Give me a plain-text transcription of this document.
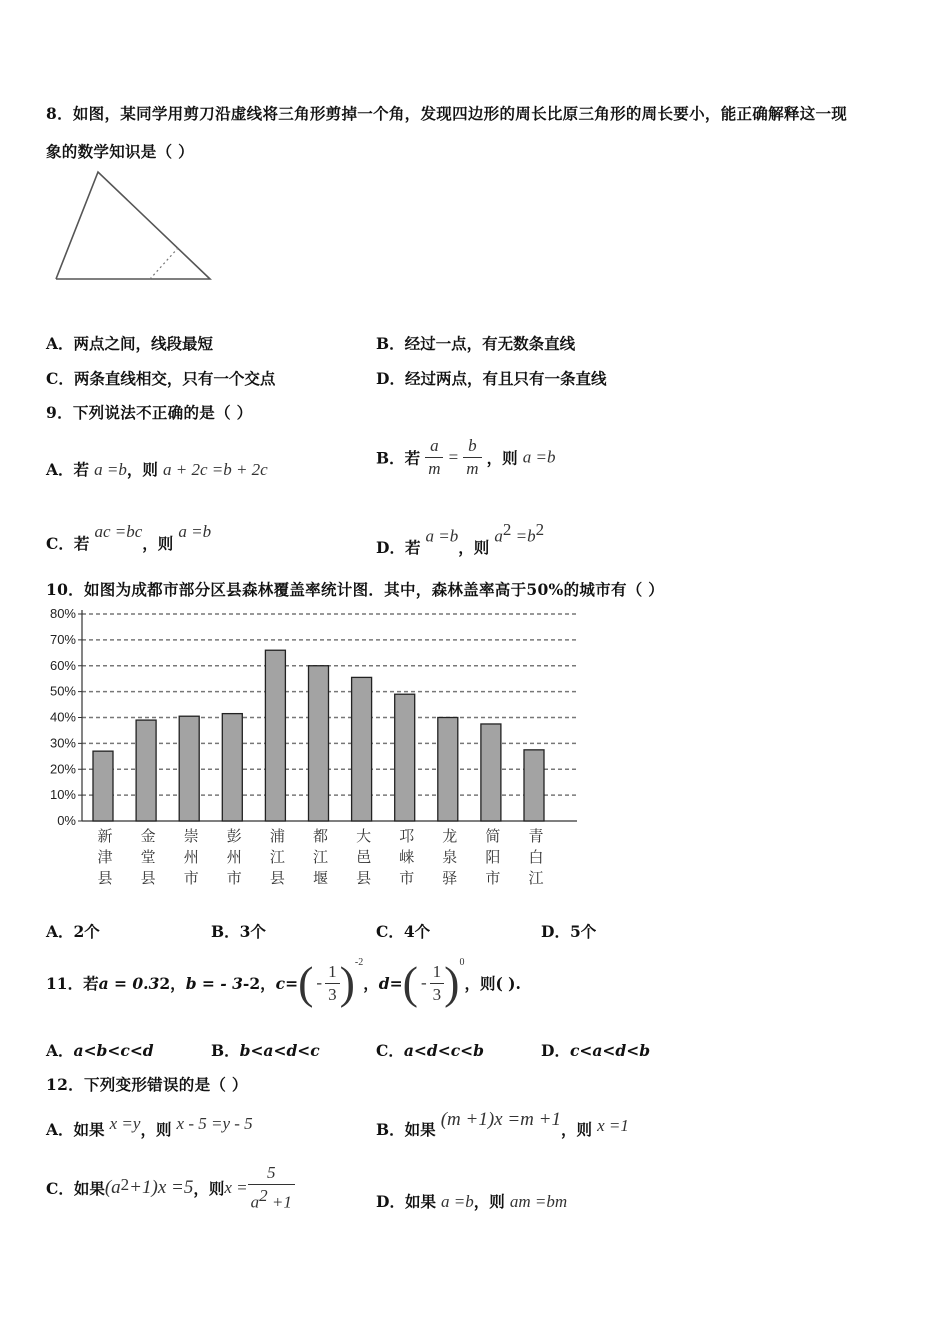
8．如图，某同学用剪刀沿虚线将三角形剪掉一个角，发现四边形的周长比原三角形的周长要小，能正确解释这一现
象的数学知识是（ ）
A．两点之间，线段最短	B．经过一点，有无数条直线
C．两条直线相交，只有一个交点	D．经过两点，有且只有一条直线
9．下列说法不正确的是（ ）
A．若 a =b，则 a + 2c =b + 2c
B．若 $\frac{a}{m} = \frac{b}{m}$ ，则 a =b
C．若 ac =bc，则 a =b
D．若 a =b，则 $a^2 =b^2$
10．如图为成都市部分区县森林覆盖率统计图．其中，森林盖率高于50%的城市有（ ）
0%
10%
20%
30%
40%
50%
60%
70%
80%
新
津
县
金
堂
县
崇
州
市
彭
州
市
浦
江
县
都
江
堰
大
邑
县
邛
崃
市
龙
泉
驿
简
阳
市
青
白
江
A．2个	B．3个	C．4个	D．5个
11．若 a = 0.3 2 ， b = - 3 -2 ， c= ( - $\frac{1}{3}$ ) -2
， d= ( - $\frac{1}{3}$ ) 0
，则( ).
A．a<b<c<d	B．b<a<d<c	C．a<d<c<b	D．c<a<d<b
12．下列变形错误的是（ ）
A．如果 x =y，则 x - 5 =y - 5	B．如果 (m +1)x =m +1，则 x =1
C．如果 (a 2 +1)x =5 ，则 $x = \frac{5}{a^2 +1}$	D．如果 a =b，则 am =bm
